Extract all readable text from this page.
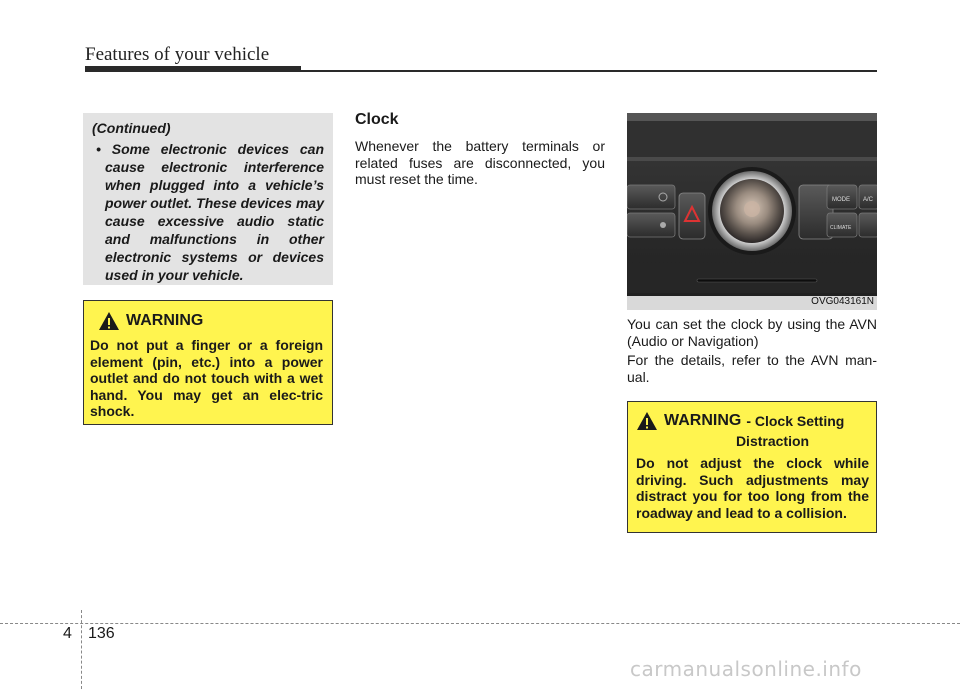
Features of your vehicle
(Continued)
• Some electronic devices can cause electronic interference when plugged into a vehicle’s power outlet. These devices may cause excessive audio static and malfunctions in other electronic systems or devices used in your vehicle.
WARNING
Do not put a finger or a foreign element (pin, etc.) into a power outlet and do not touch with a wet hand. You may get an elec-tric shock.
Clock
Whenever the battery terminals or related fuses are disconnected, you must reset the time.
MODE
CLIMATE
A/C
OVG043161N
You can set the clock by using the AVN (Audio or Navigation)
For the details, refer to the AVN man-ual.
WARNING - Clock Setting
Distraction
Do not adjust the clock while driving. Such adjustments may distract you for too long from the roadway and lead to a collision.
4 136
carmanualsonline.info
